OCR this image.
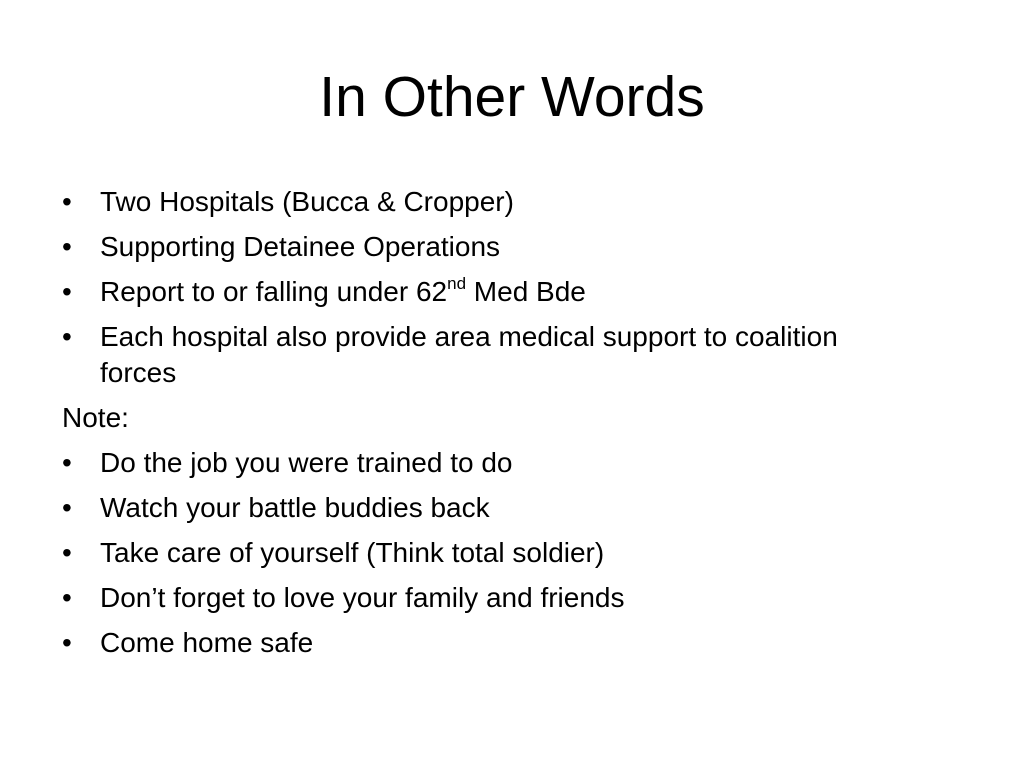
In Other Words
•	Two Hospitals (Bucca & Cropper)
•	Supporting Detainee Operations
•	Report to or falling under 62nd Med Bde
•	Each hospital also provide area medical support to coalition forces
Note:
•	Do the job you were trained to do
•	Watch your battle buddies back
•	Take care of yourself (Think total soldier)
•	Don’t forget to love your family and friends
•	Come home safe
